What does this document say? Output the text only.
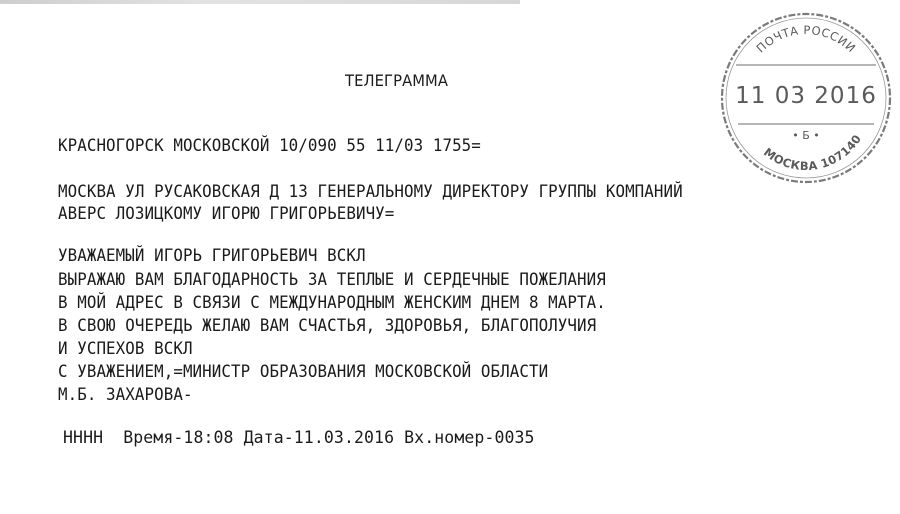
ТЕЛЕГРАММА

КРАСНОГОРСК МОСКОВСКОЙ 10/090 55 11/03 1755=

МОСКВА УЛ РУСАКОВСКАЯ Д 13 ГЕНЕРАЛЬНОМУ ДИРЕКТОРУ ГРУППЫ КОМПАНИЙ

АВЕРС ЛОЗИЦКОМУ ИГОРЮ ГРИГОРЬЕВИЧУ=

УВАЖАЕМЫЙ ИГОРЬ ГРИГОРЬЕВИЧ ВСКЛ

ВЫРАЖАЮ ВАМ БЛАГОДАРНОСТЬ ЗА ТЕПЛЫЕ И СЕРДЕЧНЫЕ ПОЖЕЛАНИЯ

В МОЙ АДРЕС В СВЯЗИ С МЕЖДУНАРОДНЫМ ЖЕНСКИМ ДНЕМ 8 МАРТА.

В СВОЮ ОЧЕРЕДЬ ЖЕЛАЮ ВАМ СЧАСТЬЯ, ЗДОРОВЬЯ, БЛАГОПОЛУЧИЯ

И УСПЕХОВ ВСКЛ

С УВАЖЕНИЕМ,=МИНИСТР ОБРАЗОВАНИЯ МОСКОВСКОЙ ОБЛАСТИ

М.Б. ЗАХАРОВА-

НННН  Время-18:08 Дата-11.03.2016 Вх.номер-0035

ПОЧТА РОССИИ
11 03 2016
• Б •
МОСКВА 107140
